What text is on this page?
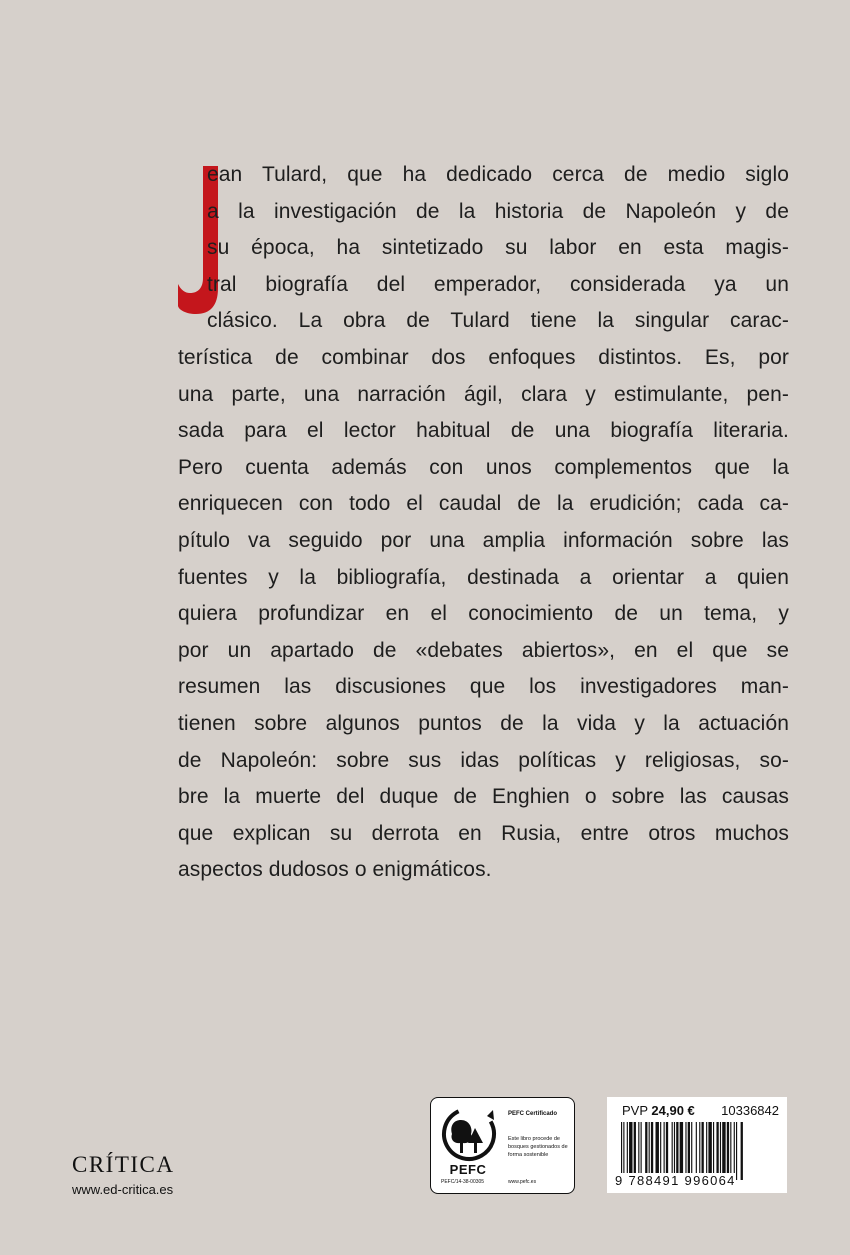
ean Tulard, que ha dedicado cerca de medio siglo
a la investigación de la historia de Napoleón y de
su época, ha sintetizado su labor en esta magis-
tral biografía del emperador, considerada ya un
clásico. La obra de Tulard tiene la singular carac-
terística de combinar dos enfoques distintos. Es, por
una parte, una narración ágil, clara y estimulante, pen-
sada para el lector habitual de una biografía literaria.
Pero cuenta además con unos complementos que la
enriquecen con todo el caudal de la erudición; cada ca-
pítulo va seguido por una amplia información sobre las
fuentes y la bibliografía, destinada a orientar a quien
quiera profundizar en el conocimiento de un tema, y
por un apartado de «debates abiertos», en el que se
resumen las discusiones que los investigadores man-
tienen sobre algunos puntos de la vida y la actuación
de Napoleón: sobre sus idas políticas y religiosas, so-
bre la muerte del duque de Enghien o sobre las causas
que explican su derrota en Rusia, entre otros muchos
aspectos dudosos o enigmáticos.
CRÍTICA
www.ed-critica.es
PEFC
PEFC Certificado
Este libro procede de bosques gestionados de forma sostenible
PEFC/14-38-00305	www.pefc.es
PVP 24,90 € 10336842
9 788491 996064
